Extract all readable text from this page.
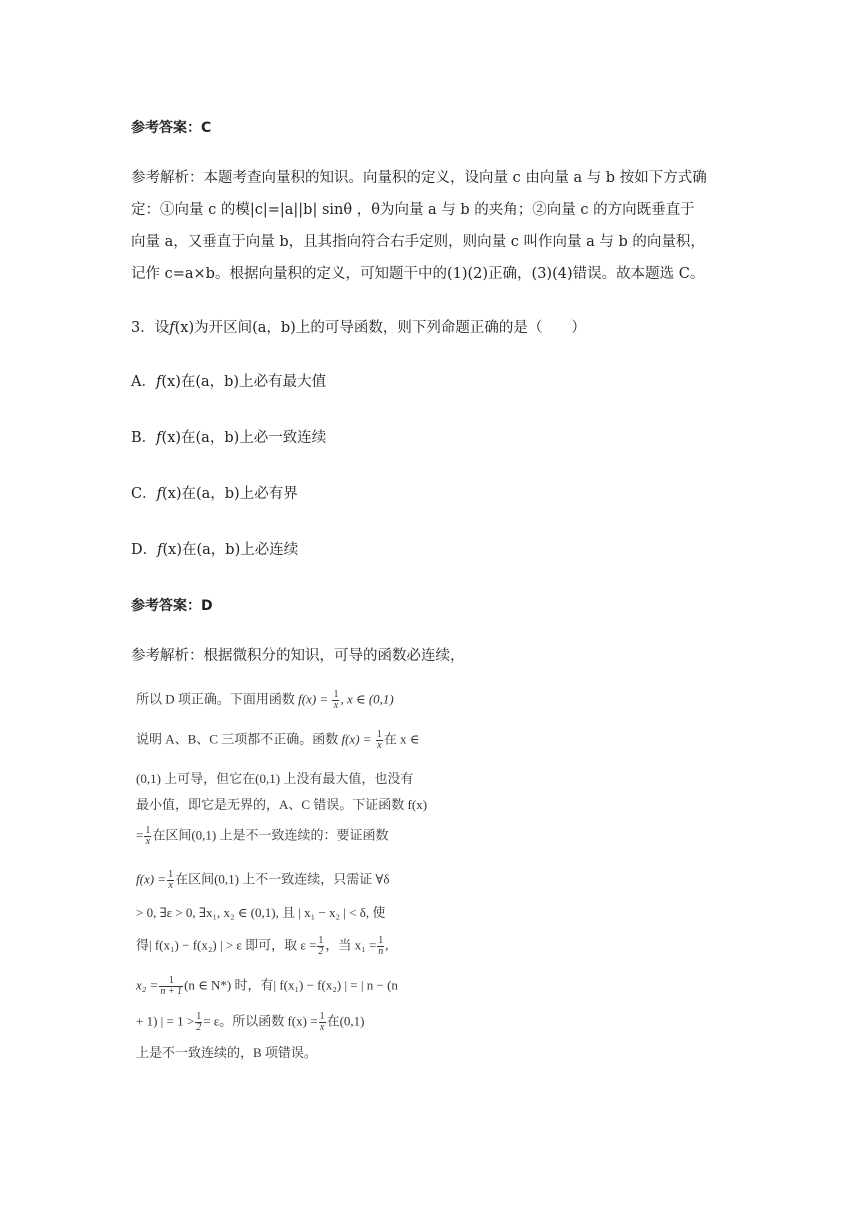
参考答案：C
参考解析：本题考查向量积的知识。向量积的定义，设向量 c 由向量 a 与 b 按如下方式确
定：①向量 c 的模|c|=|a||b| sinθ ，θ为向量 a 与 b 的夹角；②向量 c 的方向既垂直于
向量 a，又垂直于向量 b，且其指向符合右手定则，则向量 c 叫作向量 a 与 b 的向量积，
记作 c=a×b。根据向量积的定义，可知题干中的(1)(2)正确，(3)(4)错误。故本题选 C。
3．设f(x)为开区间(a，b)上的可导函数，则下列命题正确的是（　　）
A．f(x)在(a，b)上必有最大值
B．f(x)在(a，b)上必一致连续
C．f(x)在(a，b)上必有界
D．f(x)在(a，b)上必连续
参考答案：D
参考解析：根据微积分的知识，可导的函数必连续，
所以 D 项正确。下面用函数 $f(x) = \frac{1}{x}$ , x ∈ (0,1)
说明 A、B、C 三项都不正确。函数 $f(x) = \frac{1}{x}$ 在 x ∈
(0,1) 上可导，但它在(0,1) 上没有最大值，也没有
最小值，即它是无界的，A、C 错误。下证函数 f(x)
= $\frac{1}{x}$ 在区间(0,1) 上是不一致连续的：要证函数
$f(x) = \frac{1}{x}$ 在区间(0,1) 上不一致连续，只需证 ∀δ
> 0, ∃ε > 0, ∃x₁, x₂ ∈ (0,1), 且 | x₁ − x₂ | < δ, 使
得| f(x₁) − f(x₂) | > ε 即可，取 $\varepsilon = \frac{1}{2}$ ，当 $x_1 = \frac{1}{n}$ ,
$x_2 = \frac{1}{n + 1} (n$ ∈ N*) 时，有| f(x₁) − f(x₂) | = | n − (n
+ 1) | = $1 > \frac{1}{2} = \varepsilon$。所以函数 $f(x) = \frac{1}{x}$ 在(0,1)
上是不一致连续的，B 项错误。
